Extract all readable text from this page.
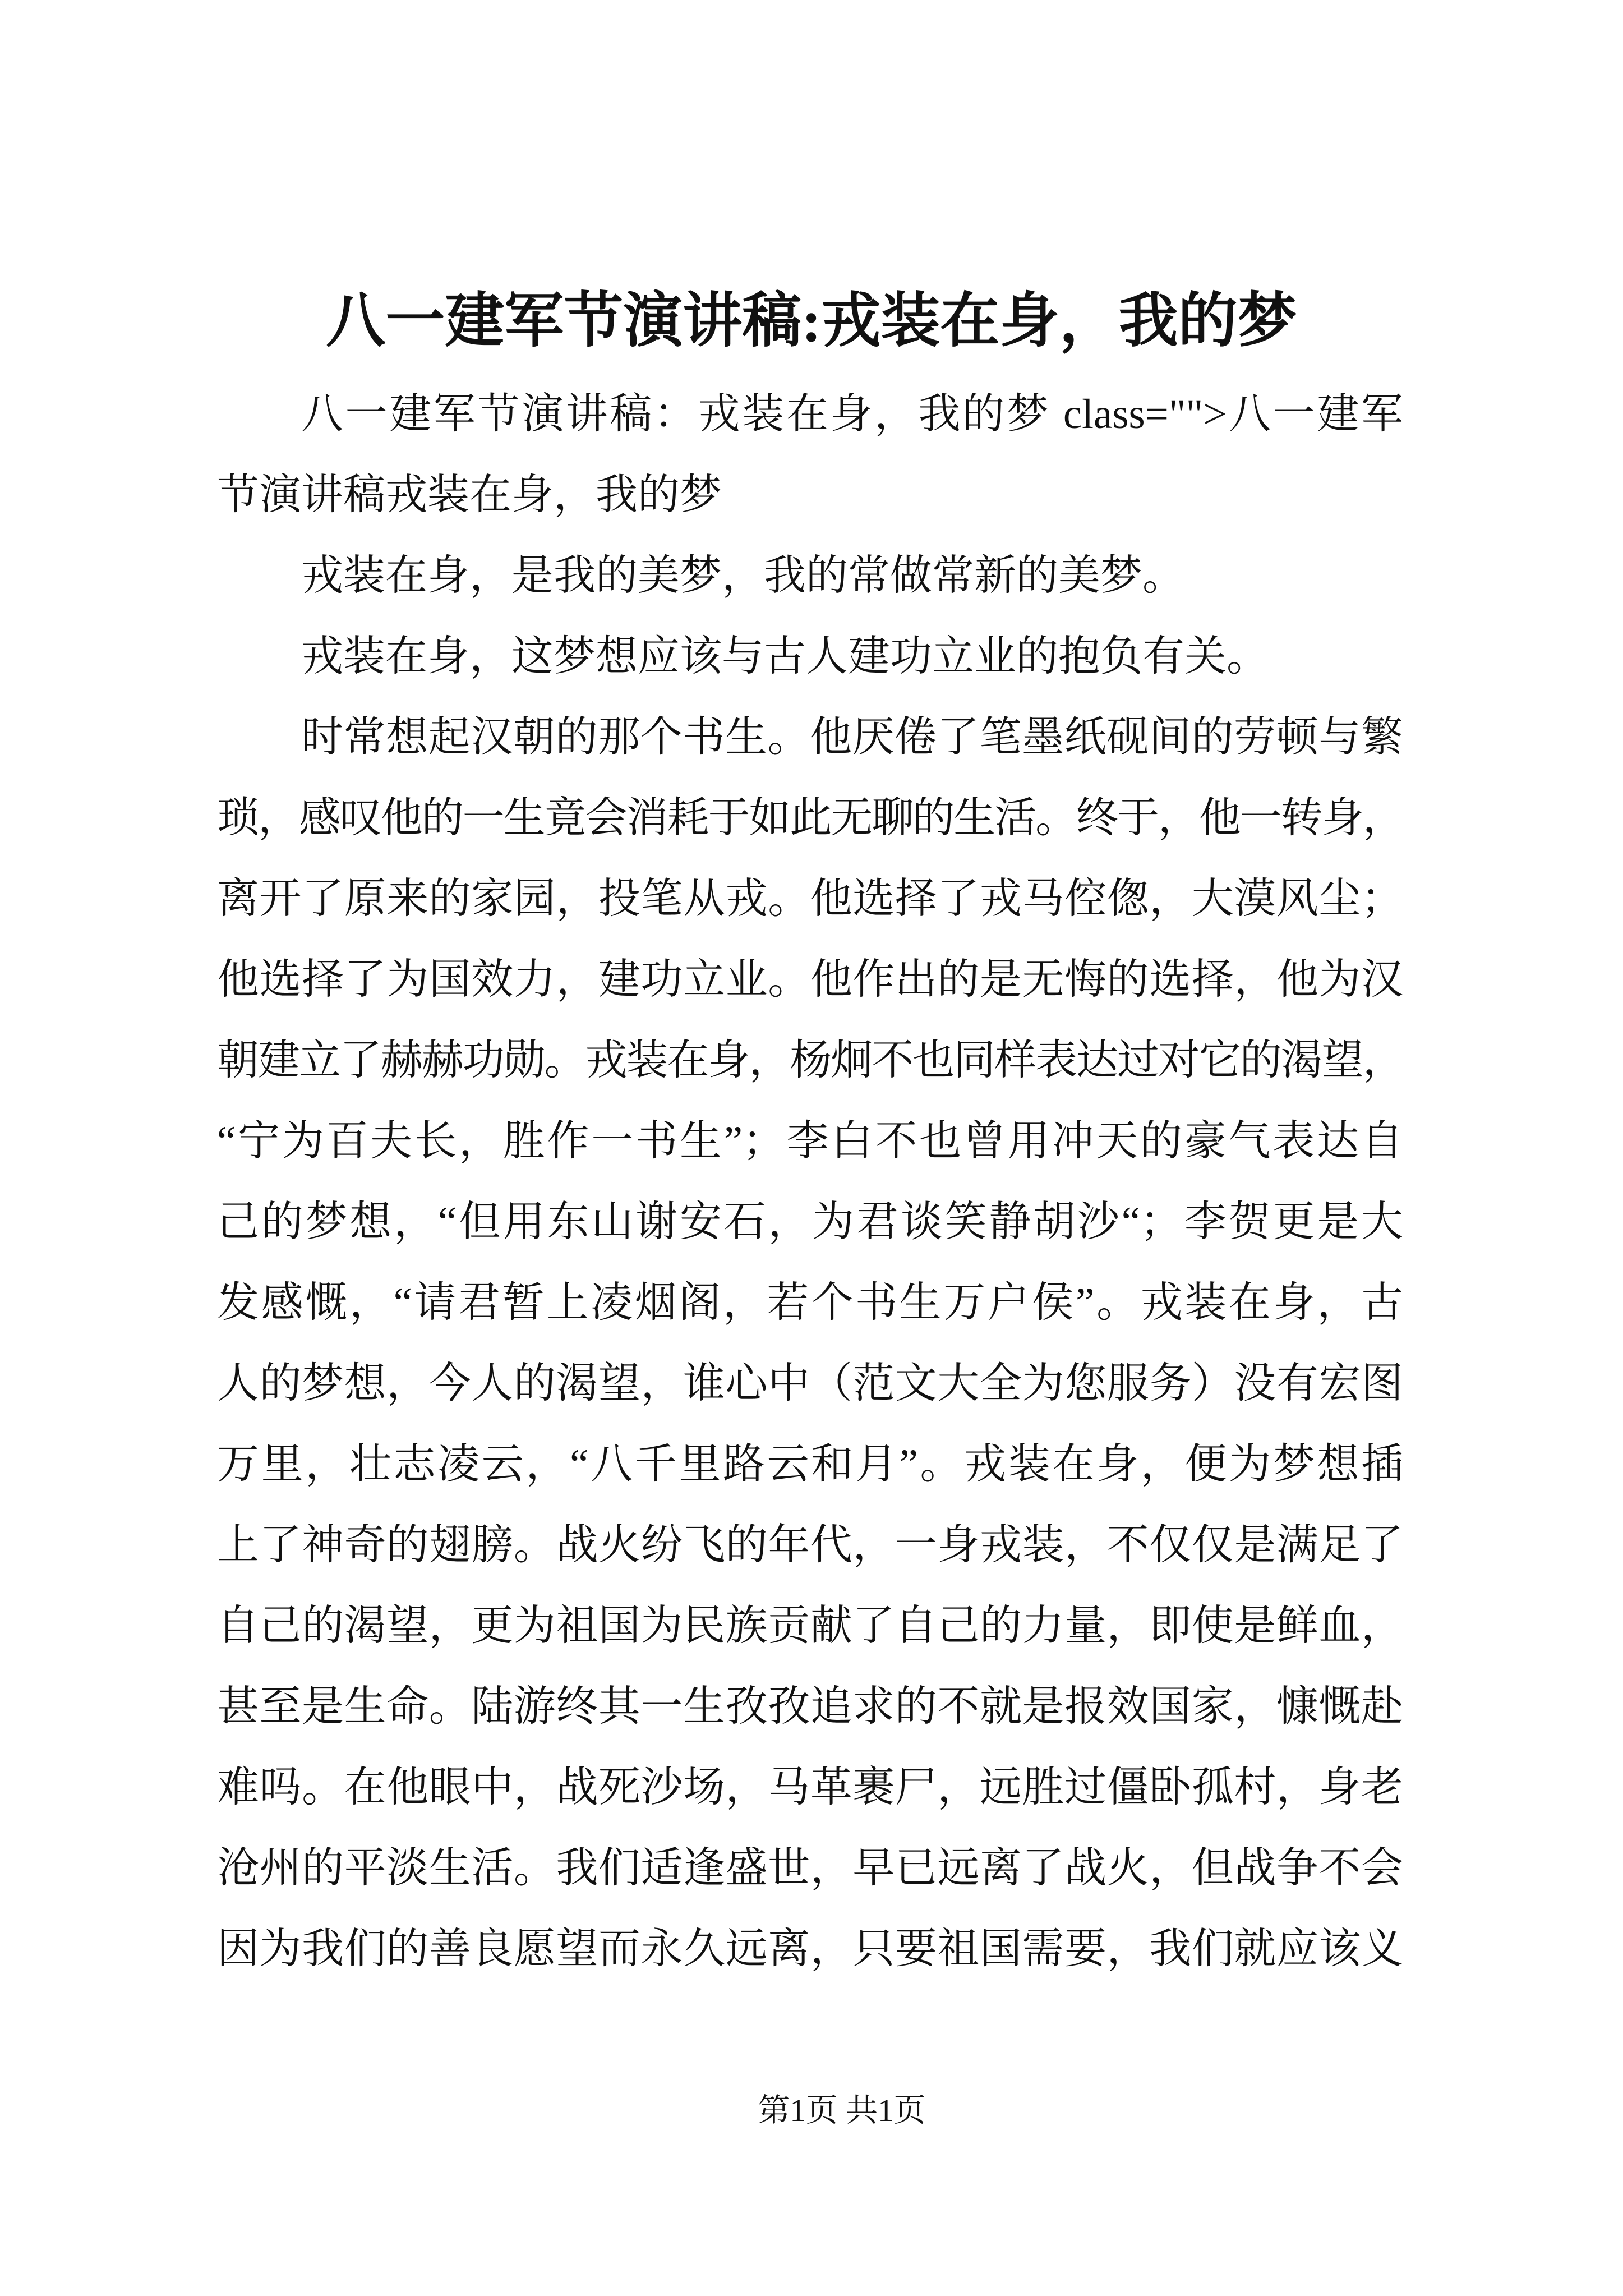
八一建军节演讲稿:戎装在身，我的梦
八一建军节演讲稿：戎装在身，我的梦 class="">八一建军
节演讲稿戎装在身，我的梦
戎装在身，是我的美梦，我的常做常新的美梦。
戎装在身，这梦想应该与古人建功立业的抱负有关。
时常想起汉朝的那个书生。他厌倦了笔墨纸砚间的劳顿与繁
琐，感叹他的一生竟会消耗于如此无聊的生活。终于，他一转身，
离开了原来的家园，投笔从戎。他选择了戎马倥偬，大漠风尘；
他选择了为国效力，建功立业。他作出的是无悔的选择，他为汉
朝建立了赫赫功勋。戎装在身，杨炯不也同样表达过对它的渴望，
“宁为百夫长，胜作一书生”；李白不也曾用冲天的豪气表达自
己的梦想，“但用东山谢安石，为君谈笑静胡沙“；李贺更是大
发感慨，“请君暂上凌烟阁，若个书生万户侯”。戎装在身，古
人的梦想，今人的渴望，谁心中（范文大全为您服务）没有宏图
万里，壮志凌云，“八千里路云和月”。戎装在身，便为梦想插
上了神奇的翅膀。战火纷飞的年代，一身戎装，不仅仅是满足了
自己的渴望，更为祖国为民族贡献了自己的力量，即使是鲜血，
甚至是生命。陆游终其一生孜孜追求的不就是报效国家，慷慨赴
难吗。在他眼中，战死沙场，马革裹尸，远胜过僵卧孤村，身老
沧州的平淡生活。我们适逢盛世，早已远离了战火，但战争不会
因为我们的善良愿望而永久远离，只要祖国需要，我们就应该义
第1页 共1页
